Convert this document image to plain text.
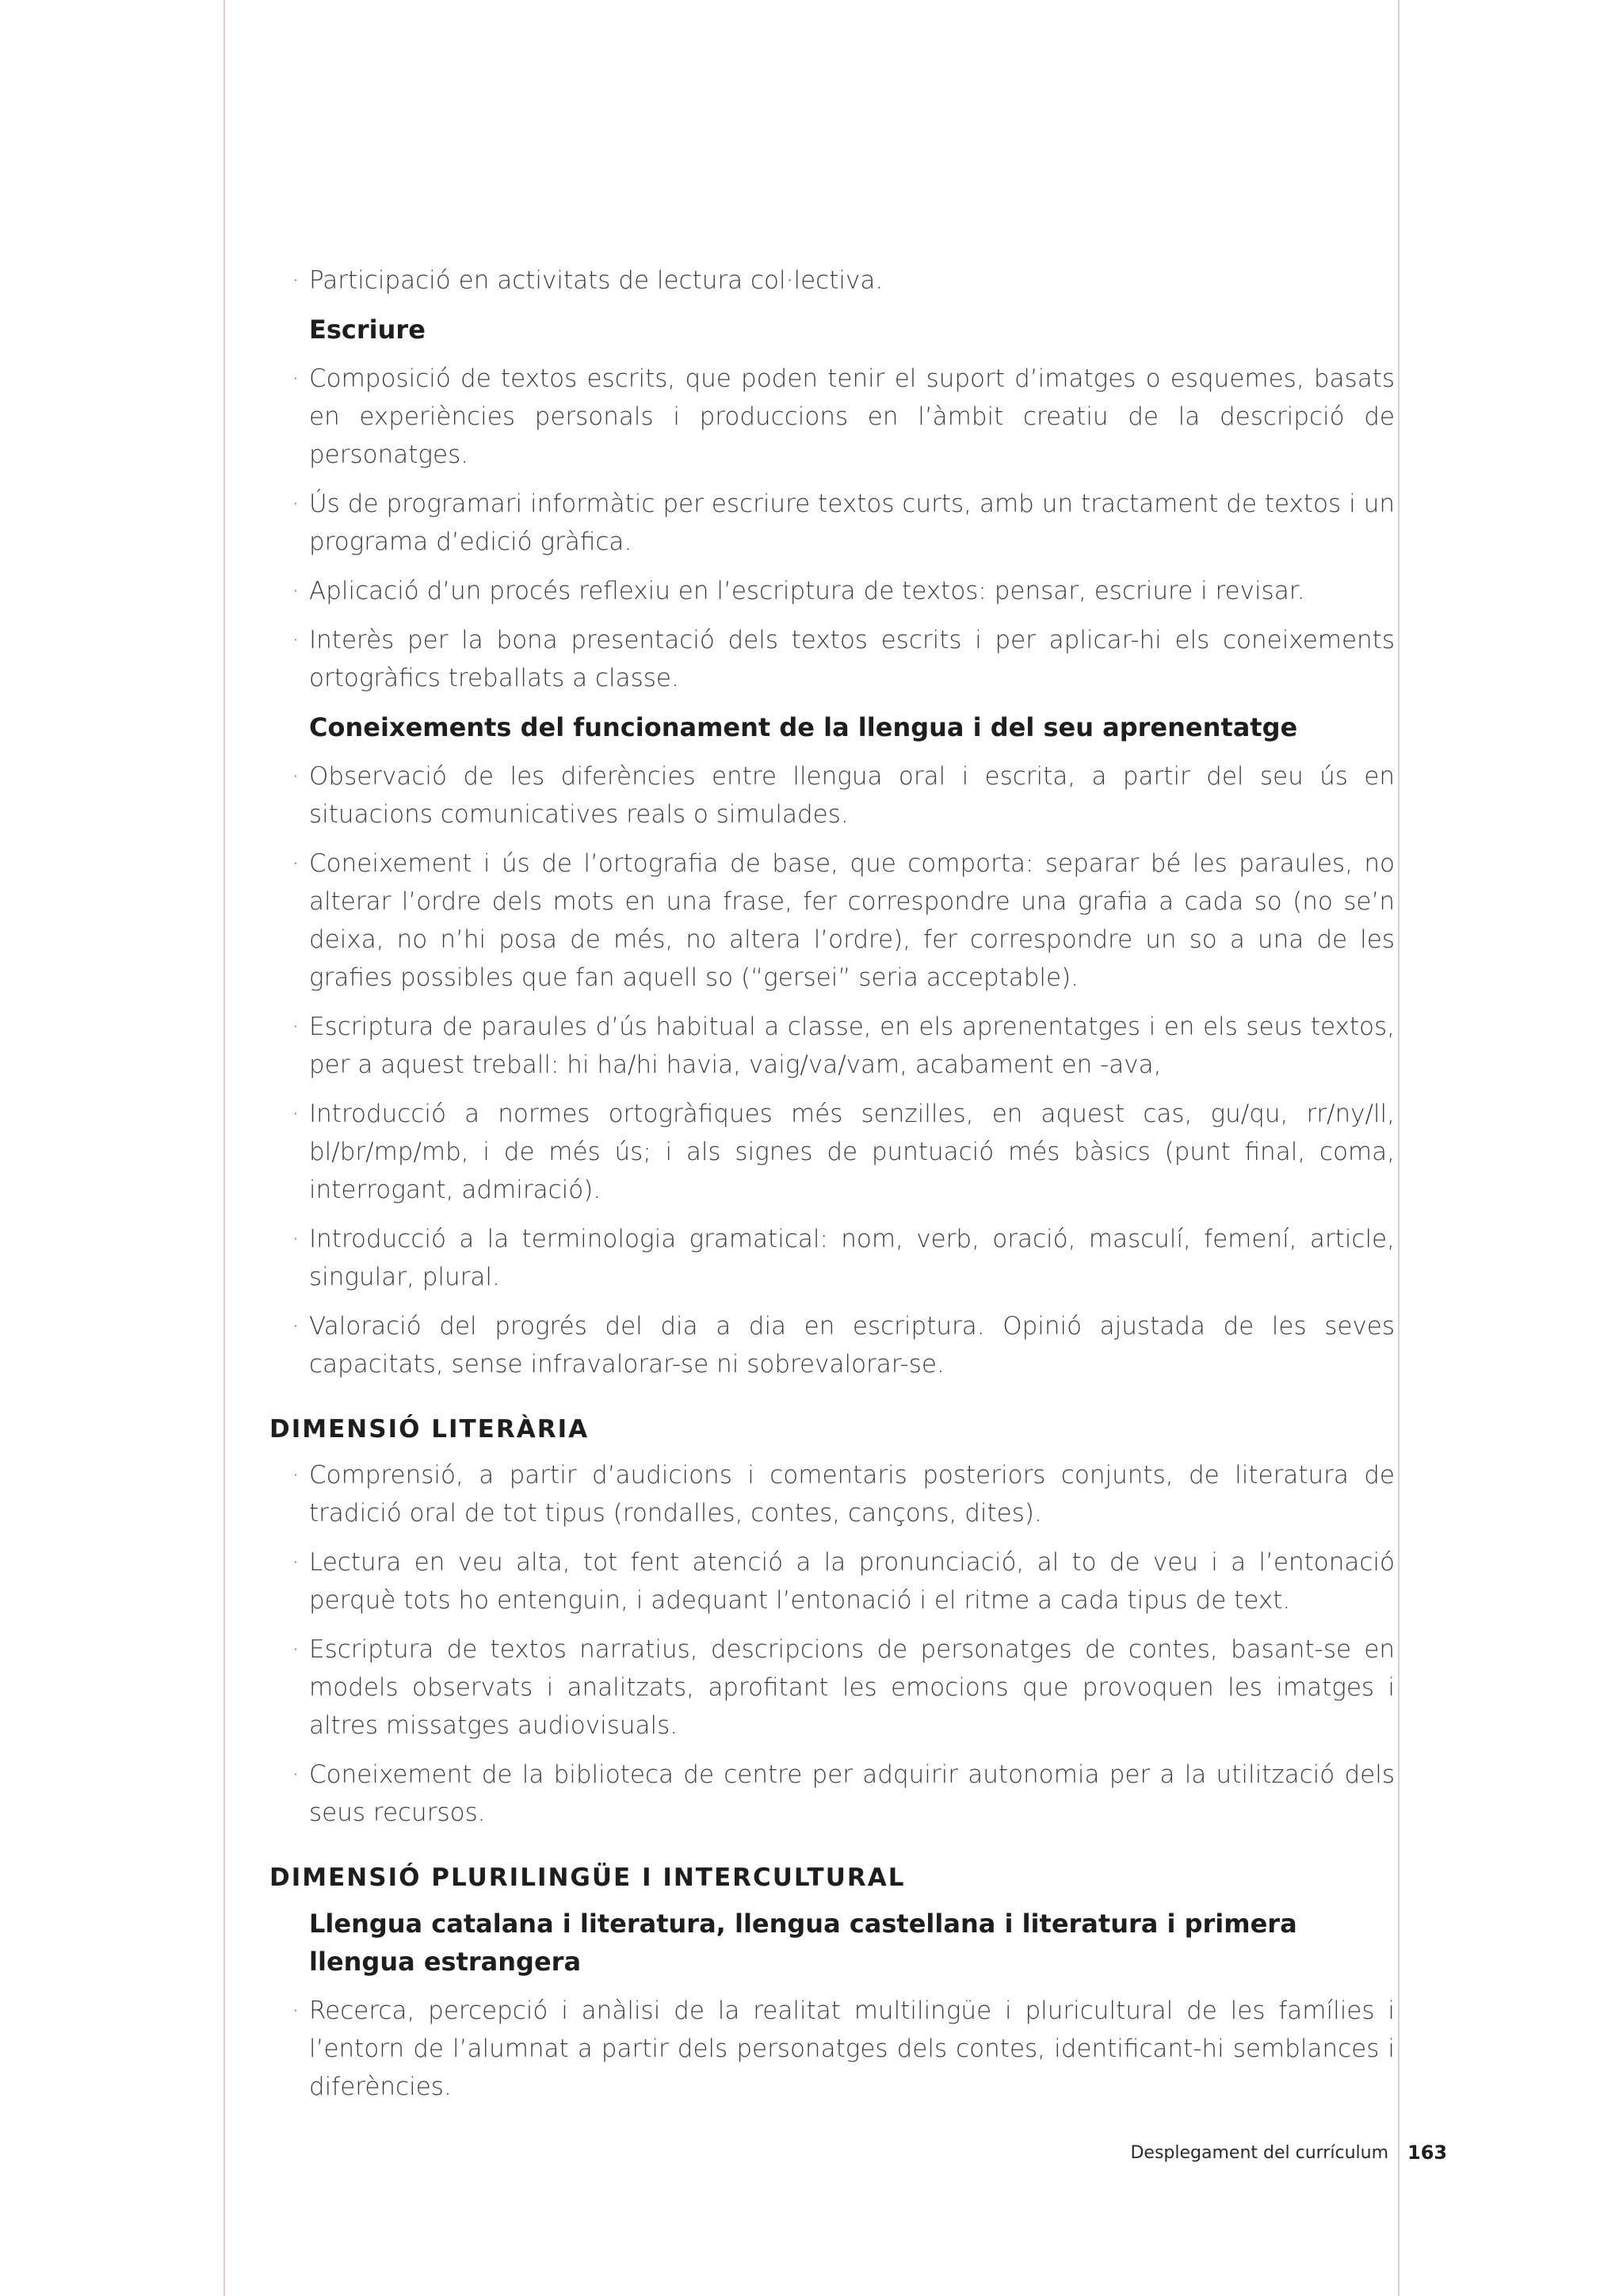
· Participació en activitats de lectura col·lectiva.
Escriure
· Composició de textos escrits, que poden tenir el suport d’imatges o esquemes, basats en experiències personals i produccions en l’àmbit creatiu de la descripció de personatges.
· Ús de programari informàtic per escriure textos curts, amb un tractament de textos i un programa d’edició gràfica.
· Aplicació d’un procés reflexiu en l’escriptura de textos: pensar, escriure i revisar.
· Interès per la bona presentació dels textos escrits i per aplicar-hi els coneixements ortogràfics treballats a classe.
Coneixements del funcionament de la llengua i del seu aprenentatge
· Observació de les diferències entre llengua oral i escrita, a partir del seu ús en situacions comunicatives reals o simulades.
· Coneixement i ús de l’ortografia de base, que comporta: separar bé les paraules, no alterar l’ordre dels mots en una frase, fer correspondre una grafia a cada so (no se’n deixa, no n’hi posa de més, no altera l’ordre), fer correspondre un so a una de les grafies possibles que fan aquell so (“gersei” seria acceptable).
· Escriptura de paraules d’ús habitual a classe, en els aprenentatges i en els seus textos, per a aquest treball: hi ha/hi havia, vaig/va/vam, acabament en -ava,
· Introducció a normes ortogràfiques més senzilles, en aquest cas, gu/qu, rr/ny/ll, bl/br/mp/mb, i de més ús; i als signes de puntuació més bàsics (punt final, coma, interrogant, admiració).
· Introducció a la terminologia gramatical: nom, verb, oració, masculí, femení, article, singular, plural.
· Valoració del progrés del dia a dia en escriptura. Opinió ajustada de les seves capacitats, sense infravalorar-se ni sobrevalorar-se.
DIMENSIÓ LITERÀRIA
· Comprensió, a partir d’audicions i comentaris posteriors conjunts, de literatura de tradició oral de tot tipus (rondalles, contes, cançons, dites).
· Lectura en veu alta, tot fent atenció a la pronunciació, al to de veu i a l’entonació perquè tots ho entenguin, i adequant l’entonació i el ritme a cada tipus de text.
· Escriptura de textos narratius, descripcions de personatges de contes, basant-se en models observats i analitzats, aprofitant les emocions que provoquen les imatges i altres missatges audiovisuals.
· Coneixement de la biblioteca de centre per adquirir autonomia per a la utilització dels seus recursos.
DIMENSIÓ PLURILINGÜE I INTERCULTURAL
Llengua catalana i literatura, llengua castellana i literatura i primera llengua estrangera
· Recerca, percepció i anàlisi de la realitat multilingüe i pluricultural de les famílies i l’entorn de l’alumnat a partir dels personatges dels contes, identificant-hi semblances i diferències.
Desplegament del currículum 163
